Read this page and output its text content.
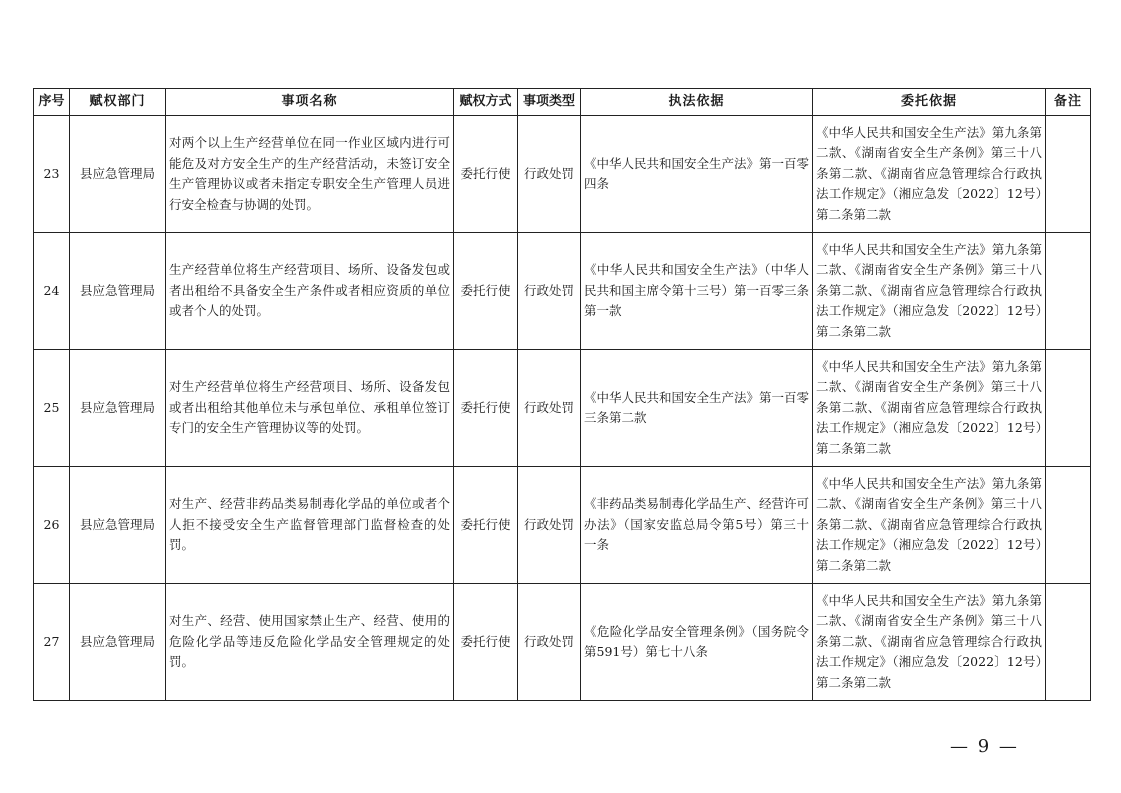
序号	赋权部门	事项名称	赋权方式	事项类型	执法依据	委托依据	备注
23	县应急管理局	对两个以上生产经营单位在同一作业区域内进行可能危及对方安全生产的生产经营活动，未签订安全生产管理协议或者未指定专职安全生产管理人员进行安全检查与协调的处罚。	委托行使	行政处罚	《中华人民共和国安全生产法》第一百零四条	《中华人民共和国安全生产法》第九条第二款、《湖南省安全生产条例》第三十八条第二款、《湖南省应急管理综合行政执法工作规定》（湘应急发〔2022〕12号）第二条第二款	
24	县应急管理局	生产经营单位将生产经营项目、场所、设备发包或者出租给不具备安全生产条件或者相应资质的单位或者个人的处罚。	委托行使	行政处罚	《中华人民共和国安全生产法》（中华人民共和国主席令第十三号）第一百零三条第一款	《中华人民共和国安全生产法》第九条第二款、《湖南省安全生产条例》第三十八条第二款、《湖南省应急管理综合行政执法工作规定》（湘应急发〔2022〕12号）第二条第二款	
25	县应急管理局	对生产经营单位将生产经营项目、场所、设备发包或者出租给其他单位未与承包单位、承租单位签订专门的安全生产管理协议等的处罚。	委托行使	行政处罚	《中华人民共和国安全生产法》第一百零三条第二款	《中华人民共和国安全生产法》第九条第二款、《湖南省安全生产条例》第三十八条第二款、《湖南省应急管理综合行政执法工作规定》（湘应急发〔2022〕12号）第二条第二款	
26	县应急管理局	对生产、经营非药品类易制毒化学品的单位或者个人拒不接受安全生产监督管理部门监督检查的处罚。	委托行使	行政处罚	《非药品类易制毒化学品生产、经营许可办法》（国家安监总局令第5号）第三十一条	《中华人民共和国安全生产法》第九条第二款、《湖南省安全生产条例》第三十八条第二款、《湖南省应急管理综合行政执法工作规定》（湘应急发〔2022〕12号）第二条第二款	
27	县应急管理局	对生产、经营、使用国家禁止生产、经营、使用的危险化学品等违反危险化学品安全管理规定的处罚。	委托行使	行政处罚	《危险化学品安全管理条例》（国务院令第591号）第七十八条	《中华人民共和国安全生产法》第九条第二款、《湖南省安全生产条例》第三十八条第二款、《湖南省应急管理综合行政执法工作规定》（湘应急发〔2022〕12号）第二条第二款	
— 9 —
